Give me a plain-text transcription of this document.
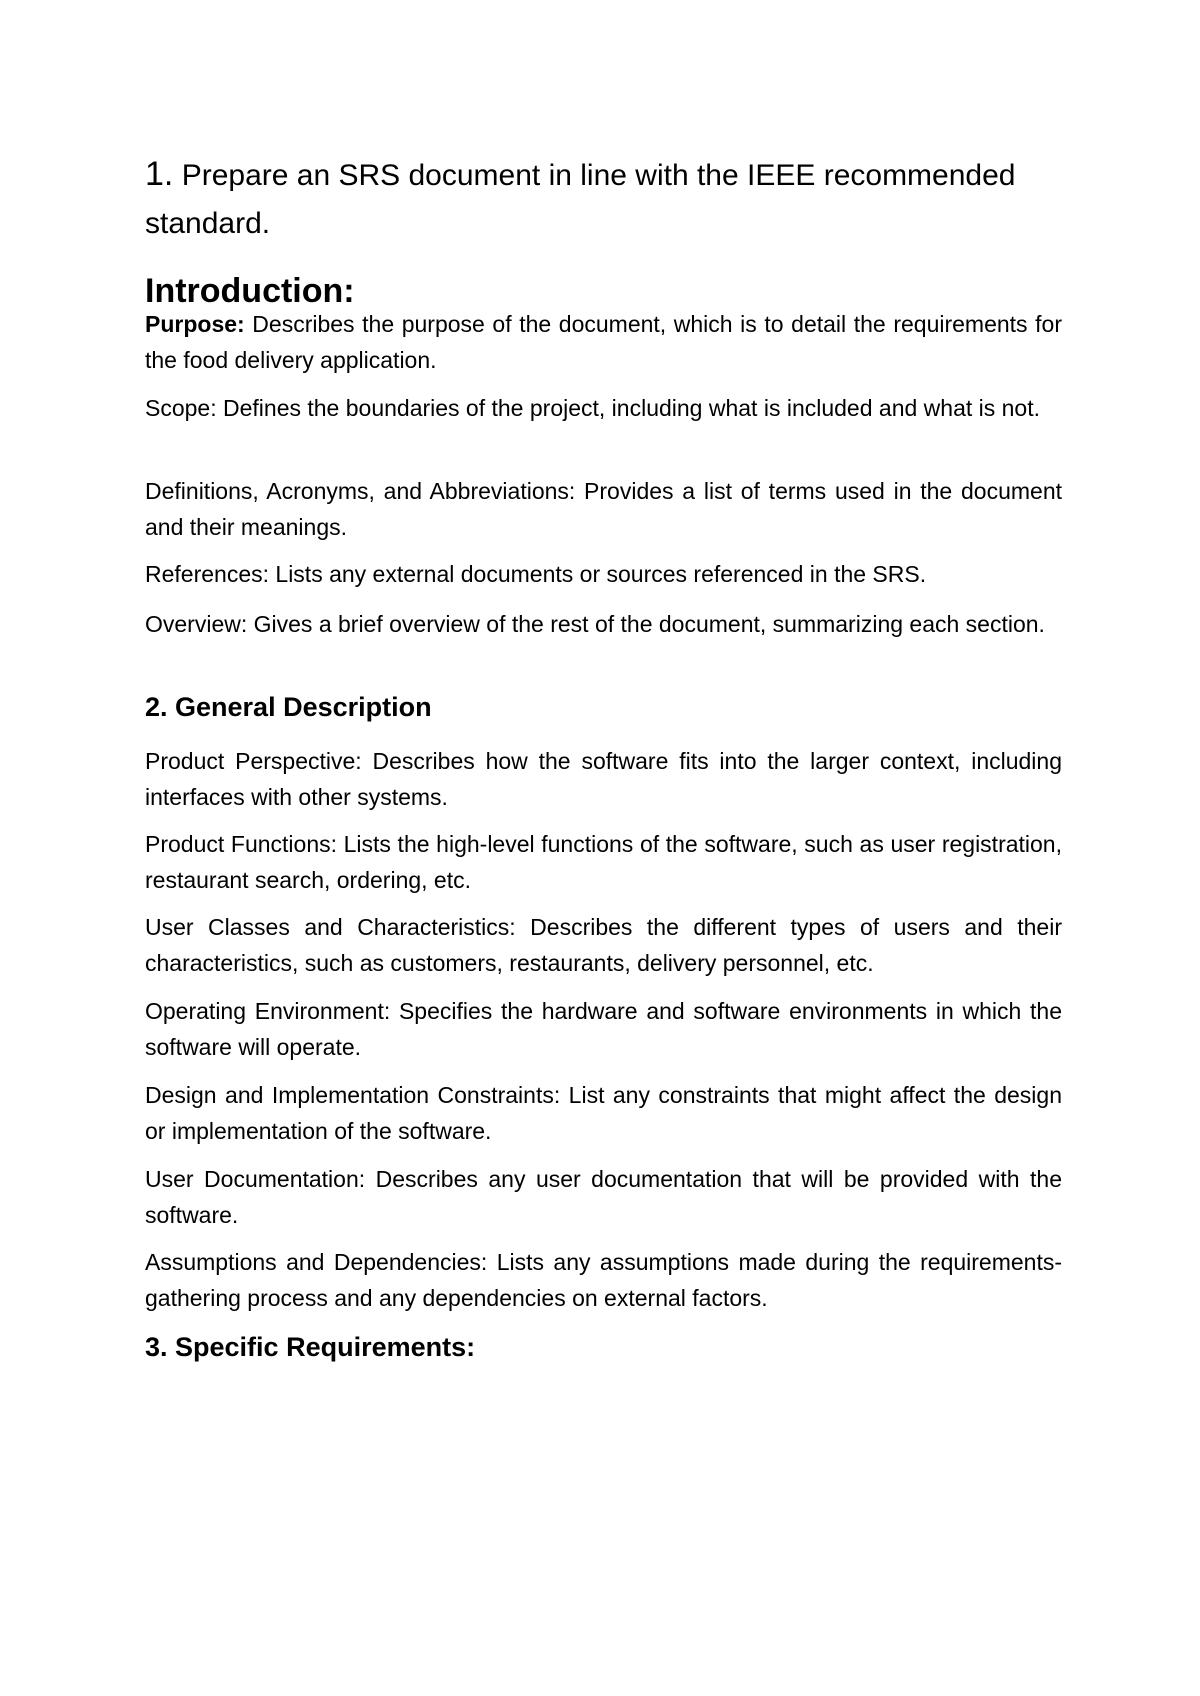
1. Prepare an SRS document in line with the IEEE recommended standard.
Introduction:

Purpose: Describes the purpose of the document, which is to detail the requirements for the food delivery application.

Scope: Defines the boundaries of the project, including what is included and what is not.

Definitions, Acronyms, and Abbreviations: Provides a list of terms used in the document and their meanings.

References: Lists any external documents or sources referenced in the SRS.

Overview: Gives a brief overview of the rest of the document, summarizing each section.

2. General Description

Product Perspective: Describes how the software fits into the larger context, including interfaces with other systems.

Product Functions: Lists the high-level functions of the software, such as user registration, restaurant search, ordering, etc.

User Classes and Characteristics: Describes the different types of users and their characteristics, such as customers, restaurants, delivery personnel, etc.

Operating Environment: Specifies the hardware and software environments in which the software will operate.

Design and Implementation Constraints: List any constraints that might affect the design or implementation of the software.

User Documentation: Describes any user documentation that will be provided with the software.

Assumptions and Dependencies: Lists any assumptions made during the requirements-gathering process and any dependencies on external factors.

3. Specific Requirements:
